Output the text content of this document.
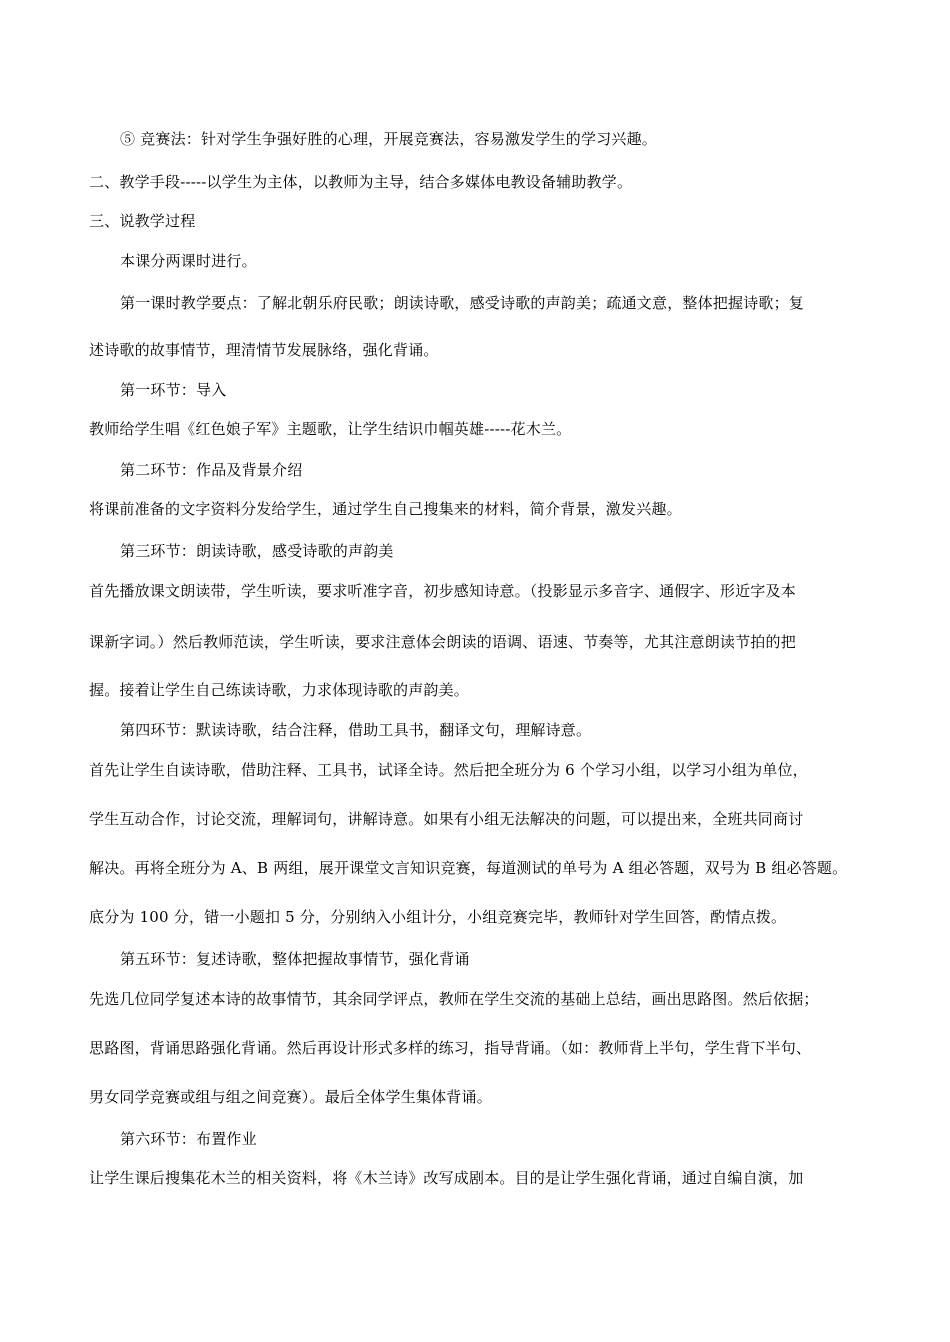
⑤ 竞赛法：针对学生争强好胜的心理，开展竞赛法，容易激发学生的学习兴趣。
二、教学手段-----以学生为主体，以教师为主导，结合多媒体电教设备辅助教学。
三、说教学过程
本课分两课时进行。
第一课时教学要点：了解北朝乐府民歌；朗读诗歌，感受诗歌的声韵美；疏通文意，整体把握诗歌；复
述诗歌的故事情节，理清情节发展脉络，强化背诵。
第一环节：导入
教师给学生唱《红色娘子军》主题歌，让学生结识巾帼英雄-----花木兰。
第二环节：作品及背景介绍
将课前准备的文字资料分发给学生，通过学生自己搜集来的材料，简介背景，激发兴趣。
第三环节：朗读诗歌，感受诗歌的声韵美
首先播放课文朗读带，学生听读，要求听准字音，初步感知诗意。（投影显示多音字、通假字、形近字及本
课新字词。）然后教师范读，学生听读，要求注意体会朗读的语调、语速、节奏等，尤其注意朗读节拍的把
握。接着让学生自己练读诗歌，力求体现诗歌的声韵美。
第四环节：默读诗歌，结合注释，借助工具书，翻译文句，理解诗意。
首先让学生自读诗歌，借助注释、工具书，试译全诗。然后把全班分为 6 个学习小组，以学习小组为单位，
学生互动合作，讨论交流，理解词句，讲解诗意。如果有小组无法解决的问题，可以提出来，全班共同商讨
解决。再将全班分为 A、B 两组，展开课堂文言知识竞赛，每道测试的单号为 A 组必答题，双号为 B 组必答题。
底分为 100 分，错一小题扣 5 分，分别纳入小组计分，小组竞赛完毕，教师针对学生回答，酌情点拨。
第五环节：复述诗歌，整体把握故事情节，强化背诵
先选几位同学复述本诗的故事情节，其余同学评点，教师在学生交流的基础上总结，画出思路图。然后依据；
思路图，背诵思路强化背诵。然后再设计形式多样的练习，指导背诵。（如：教师背上半句，学生背下半句、
男女同学竞赛或组与组之间竞赛）。最后全体学生集体背诵。
第六环节：布置作业
让学生课后搜集花木兰的相关资料，将《木兰诗》改写成剧本。目的是让学生强化背诵，通过自编自演，加
